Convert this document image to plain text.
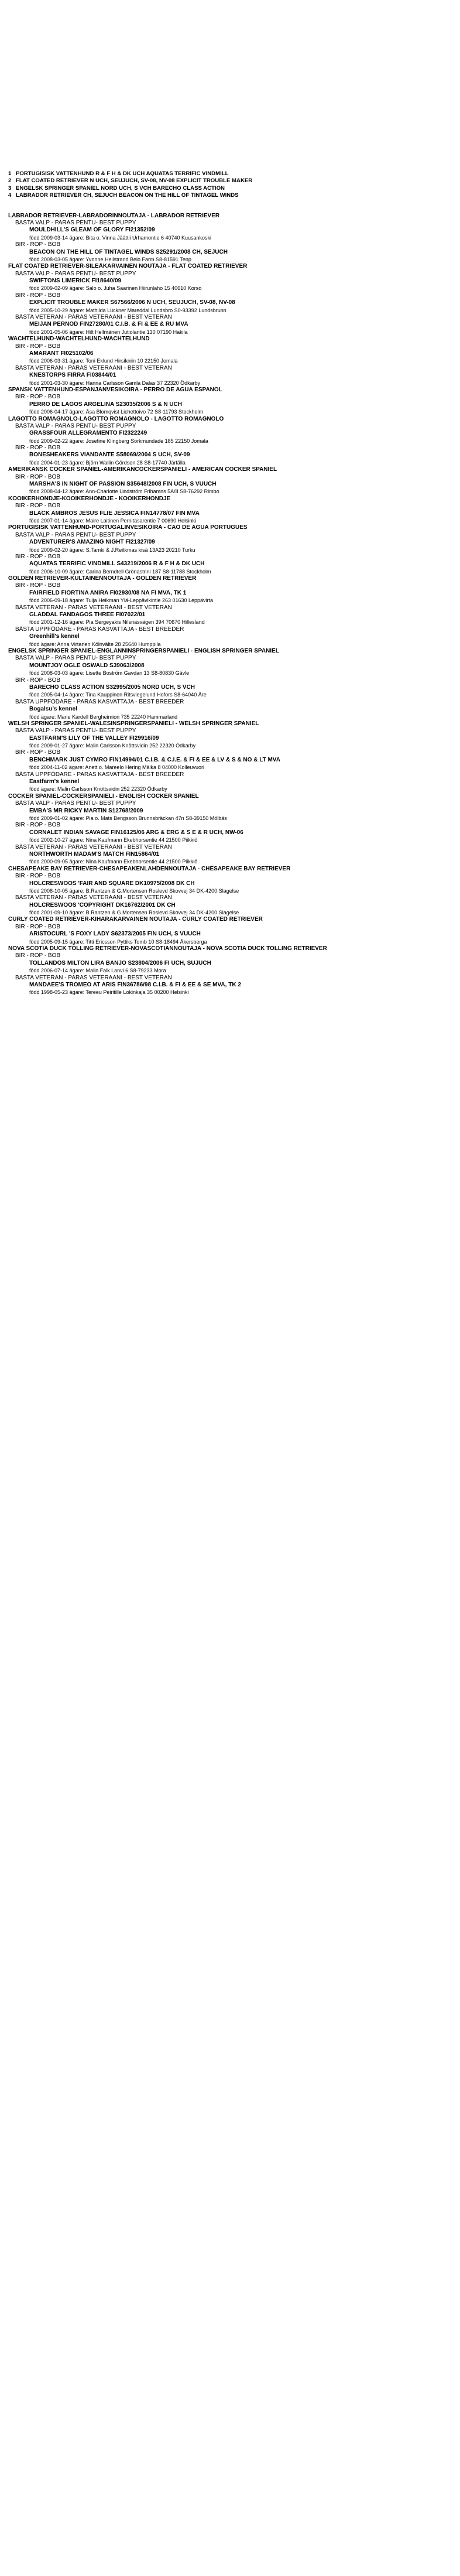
1 PORTUGISISK VATTENHUND R & F H & DK UCH AQUATAS TERRIFIC VINDMILL
2 FLAT COATED RETRIEVER N UCH, SEUJUCH, SV-08, NV-08 EXPLICIT TROUBLE MAKER
3 ENGELSK SPRINGER SPANIEL NORD UCH, S VCH BARECHO CLASS ACTION
4 LABRADOR RETRIEVER CH, SEJUCH BEACON ON THE HILL OF TINTAGEL WINDS
LABRADOR RETRIEVER-LABRADORINNOUTAJA - LABRADOR RETRIEVER
BÄSTA VALP - PARAS PENTU- BEST PUPPY
MOULDHILL'S GLEAM OF GLORY FI21352/09
född 2009-03-14 ägare: Bita o. Vinna Jäättii Urhamontie 6 40740 Kuusankoski
BIR - ROP - BOB
BEACON ON THE HILL OF TINTAGEL WINDS S25291/2008 CH, SEJUCH
född 2008-03-05 ägare: Yvonne Hellstrand Belo Farm S8-81591 Tenp
FLAT COATED RETRIEVER-SILEÄKARVAINEN NOUTAJA - FLAT COATED RETRIEVER
BÄSTA VALP - PARAS PENTU- BEST PUPPY
SWIFTONS LIMERICK FI18640/09
född 2009-02-09 ägare: Salo o. Juha Saarinen Hiirunlaho 15 40610 Korso
BIR - ROP - BOB
EXPLICIT TROUBLE MAKER S67566/2006 N UCH, SEUJUCH, SV-08, NV-08
född 2005-10-29 ägare: Mathilda Lückner Mareddal Lundsbro S0-93392 Lundsbrunn
BÄSTA VETERAN - PARAS VETERAANI - BEST VETERAN
MEIJAN PERNOD FIN27280/01 C.I.B. & FI & EE & RU MVA
född 2001-05-06 ägare: Hilt Hellmänen Jutiolantie 130 07190 Hakila
WACHTELHUND-WACHTELHUND-WACHTELHUND
BIR - ROP - BOB
AMARANT FI025102/06
född 2006-03-31 ägare: Toni Eklund Hirsikniin 10 22150 Jomala
BÄSTA VETERAN - PARAS VETERAANI - BEST VETERAN
KNESTORPS FIRRA FI03844/01
född 2001-03-30 ägare: Hanna Carlsson Gamla Dalas 37 22320 Ödkarby
SPANSK VATTENHUND-ESPANJANVESIKOIRA - PERRO DE AGUA ESPANOL
BIR - ROP - BOB
PERRO DE LAGOS ARGELINA S23035/2006 S & N UCH
född 2006-04-17 ägare: Åsa Blomqvist Lichettoivo 72 S8-11793 Stockholm
LAGOTTO ROMAGNOLO-LAGOTTO ROMAGNOLO - LAGOTTO ROMAGNOLO
BÄSTA VALP - PARAS PENTU- BEST PUPPY
GRASSFOUR ALLEGRAMENTO FI2322249
född 2009-02-22 ägare: Josefine Klingberg Sörkmundade 185 22150 Jomala
BIR - ROP - BOB
BONESHEAKERS VIANDANTE S58069/2004 S UCH, SV-09
född 2004-01-23 ägare: Björn Wallin Gördsen 28 S8-17740 Järfälla
AMERIKANSK COCKER SPANIEL-AMERIKANCOCKERSPANIELI - AMERICAN COCKER SPANIEL
BIR - ROP - BOB
MARSHA'S IN NIGHT OF PASSION S35648/2008 FIN UCH, S VUUCH
född 2008-04-12 ägare: Ann-Charlotte Lindström Frihamns 5A/II S8-76292 Rimbo
KOOIKERHONDJE-KOOIKERHONDJE - KOOIKERHONDJE
BIR - ROP - BOB
BLACK AMBROS JESUS FLIE JESSICA FIN14778/07 FIN MVA
född 2007-01-14 ägare: Maire Laitinen Pernitäsarentie 7 00690 Helsinki
PORTUGISISK VATTENHUND-PORTUGALINVESIKOIRA - CAO DE AGUA PORTUGUES
BÄSTA VALP - PARAS PENTU- BEST PUPPY
ADVENTURER'S AMAZING NIGHT FI21327/09
född 2009-02-20 ägare: S.Tamki & J.Reitkmas kisä 13A23 20210 Turku
BIR - ROP - BOB
AQUATAS TERRIFIC VINDMILL S43219/2006 R & F H & DK UCH
född 2006-10-09 ägare: Carina Berndtell Grönastrini 187 S8-11788 Stockholm
GOLDEN RETRIEVER-KULTAINENNOUTAJA - GOLDEN RETRIEVER
BIR - ROP - BOB
FAIRFIELD FIORTINA ANIRA FI02930/08 NA FI MVA, TK 1
född 2006-09-18 ägare: Tuija Heikman Ylä-Leppävikintie 263 01630 Leppävirta
BÄSTA VETERAN - PARAS VETERAANI - BEST VETERAN
GLADDAL FANDAGOS THREE FI07022/01
född 2001-12-16 ägare: Pia Sergeyakis Nilsnäsvägen 394 70670 Hillesland
BÄSTA UPPFÖDARE - PARAS KASVATTAJA - BEST BREEDER
Greenhill's kennel
född ägare: Anna Virtanen Kölnvälte 28 25640 Humppila
ENGELSK SPRINGER SPANIEL-ENGLANNINSPRINGERSPANIELI - ENGLISH SPRINGER SPANIEL
BÄSTA VALP - PARAS PENTU- BEST PUPPY
MOUNTJOY OGLE OSWALD S39063/2008
född 2008-03-03 ägare: Lisette Boström Gavdan 13 S8-80830 Gävle
BIR - ROP - BOB
BARECHO CLASS ACTION S32995/2005 NORD UCH, S VCH
född 2005-04-14 ägare: Tina Kauppinen Ritsviegelund Hofors S8-64040 Åre
BÄSTA UPPFÖDARE - PARAS KASVATTAJA - BEST BREEDER
Bogalsu's kennel
född ägare: Marie Kardell Bergheimion 735 22240 Hammarland
WELSH SPRINGER SPANIEL-WALESINSPRINGERSPANIELI - WELSH SPRINGER SPANIEL
BÄSTA VALP - PARAS PENTU- BEST PUPPY
EASTFARM'S LILY OF THE VALLEY FI29916/09
född 2009-01-27 ägare: Malin Carlsson Knöttsvidin 252 22320 Ödkarby
BIR - ROP - BOB
BENCHMARK JUST CYMRO FIN14994/01 C.I.B. & C.I.E. & FI & EE & LV & S & NO & LT MVA
född 2004-11-02 ägare: Anett o. Mareelo Hering Mälka 8 04000 Kolleuvuori
BÄSTA UPPFÖDARE - PARAS KASVATTAJA - BEST BREEDER
Eastfarm's kennel
född ägare: Malin Carlsson Knöttsvidin 252 22320 Ödkarby
COCKER SPANIEL-COCKERSPANIELI - ENGLISH COCKER SPANIEL
BÄSTA VALP - PARAS PENTU- BEST PUPPY
EMBA'S MR RICKY MARTIN S12768/2009
född 2009-01-02 ägare: Pia o. Mats Bengsson Brunnsbräckan 47n S8-39150 Mölbäs
BIR - ROP - BOB
CORNALET INDIAN SAVAGE FIN16125/06 ARG & ERG & S E & R UCH, NW-06
född 2002-10-27 ägare: Nina Kaufmann Ekebhorsentie 44 21500 Piikkiö
BÄSTA VETERAN - PARAS VETERAANI - BEST VETERAN
NORTHWORTH MADAM'S MATCH FIN15864/01
född 2000-09-05 ägare: Nina Kaufmann Ekebhorsentie 44 21500 Piikkiö
CHESAPEAKE BAY RETRIEVER-CHESAPEAKENLAHDENNOUTAJA - CHESAPEAKE BAY RETRIEVER
BIR - ROP - BOB
HOLCRESWOOS 'FAIR AND SQUARE DK10975/2008 DK CH
född 2008-10-05 ägare: B.Rantzen & G.Mortensen Roslevd Skovvej 34 DK-4200 Slagelse
BÄSTA VETERAN - PARAS VETERAANI - BEST VETERAN
HOLCRESWOOS 'COPYRIGHT DK16762/2001 DK CH
född 2001-09-10 ägare: B.Rantzen & G.Mortensen Roslevd Skovvej 34 DK-4200 Slagelse
CURLY COATED RETRIEVER-KIHARAKARVAINEN NOUTAJA - CURLY COATED RETRIEVER
BIR - ROP - BOB
ARISTOCURL 'S FOXY LADY S62373/2005 FIN UCH, S VUUCH
född 2005-09-15 ägare: Titti Ericsson Pyttiks Tomb 10 S8-18494 Åkersberga
NOVA SCOTIA DUCK TOLLING RETRIEVER-NOVASCOTIANNOUTAJA - NOVA SCOTIA DUCK TOLLING RETRIEVER
BIR - ROP - BOB
TOLLANDOS MILTON LIRA BANJO S23804/2006 FI UCH, SUJUCH
född 2006-07-14 ägare: Malin Falk Lanvi 6 S8-79233 Mora
BÄSTA VETERAN - PARAS VETERAANI - BEST VETERAN
MANDAEE'S TROMEO AT ARIS FIN36786/98 C.I.B. & FI & EE & SE MVA, TK 2
född 1998-05-23 ägare: Tereeu Peiritille Lokinkaja 35 00200 Helsinki
